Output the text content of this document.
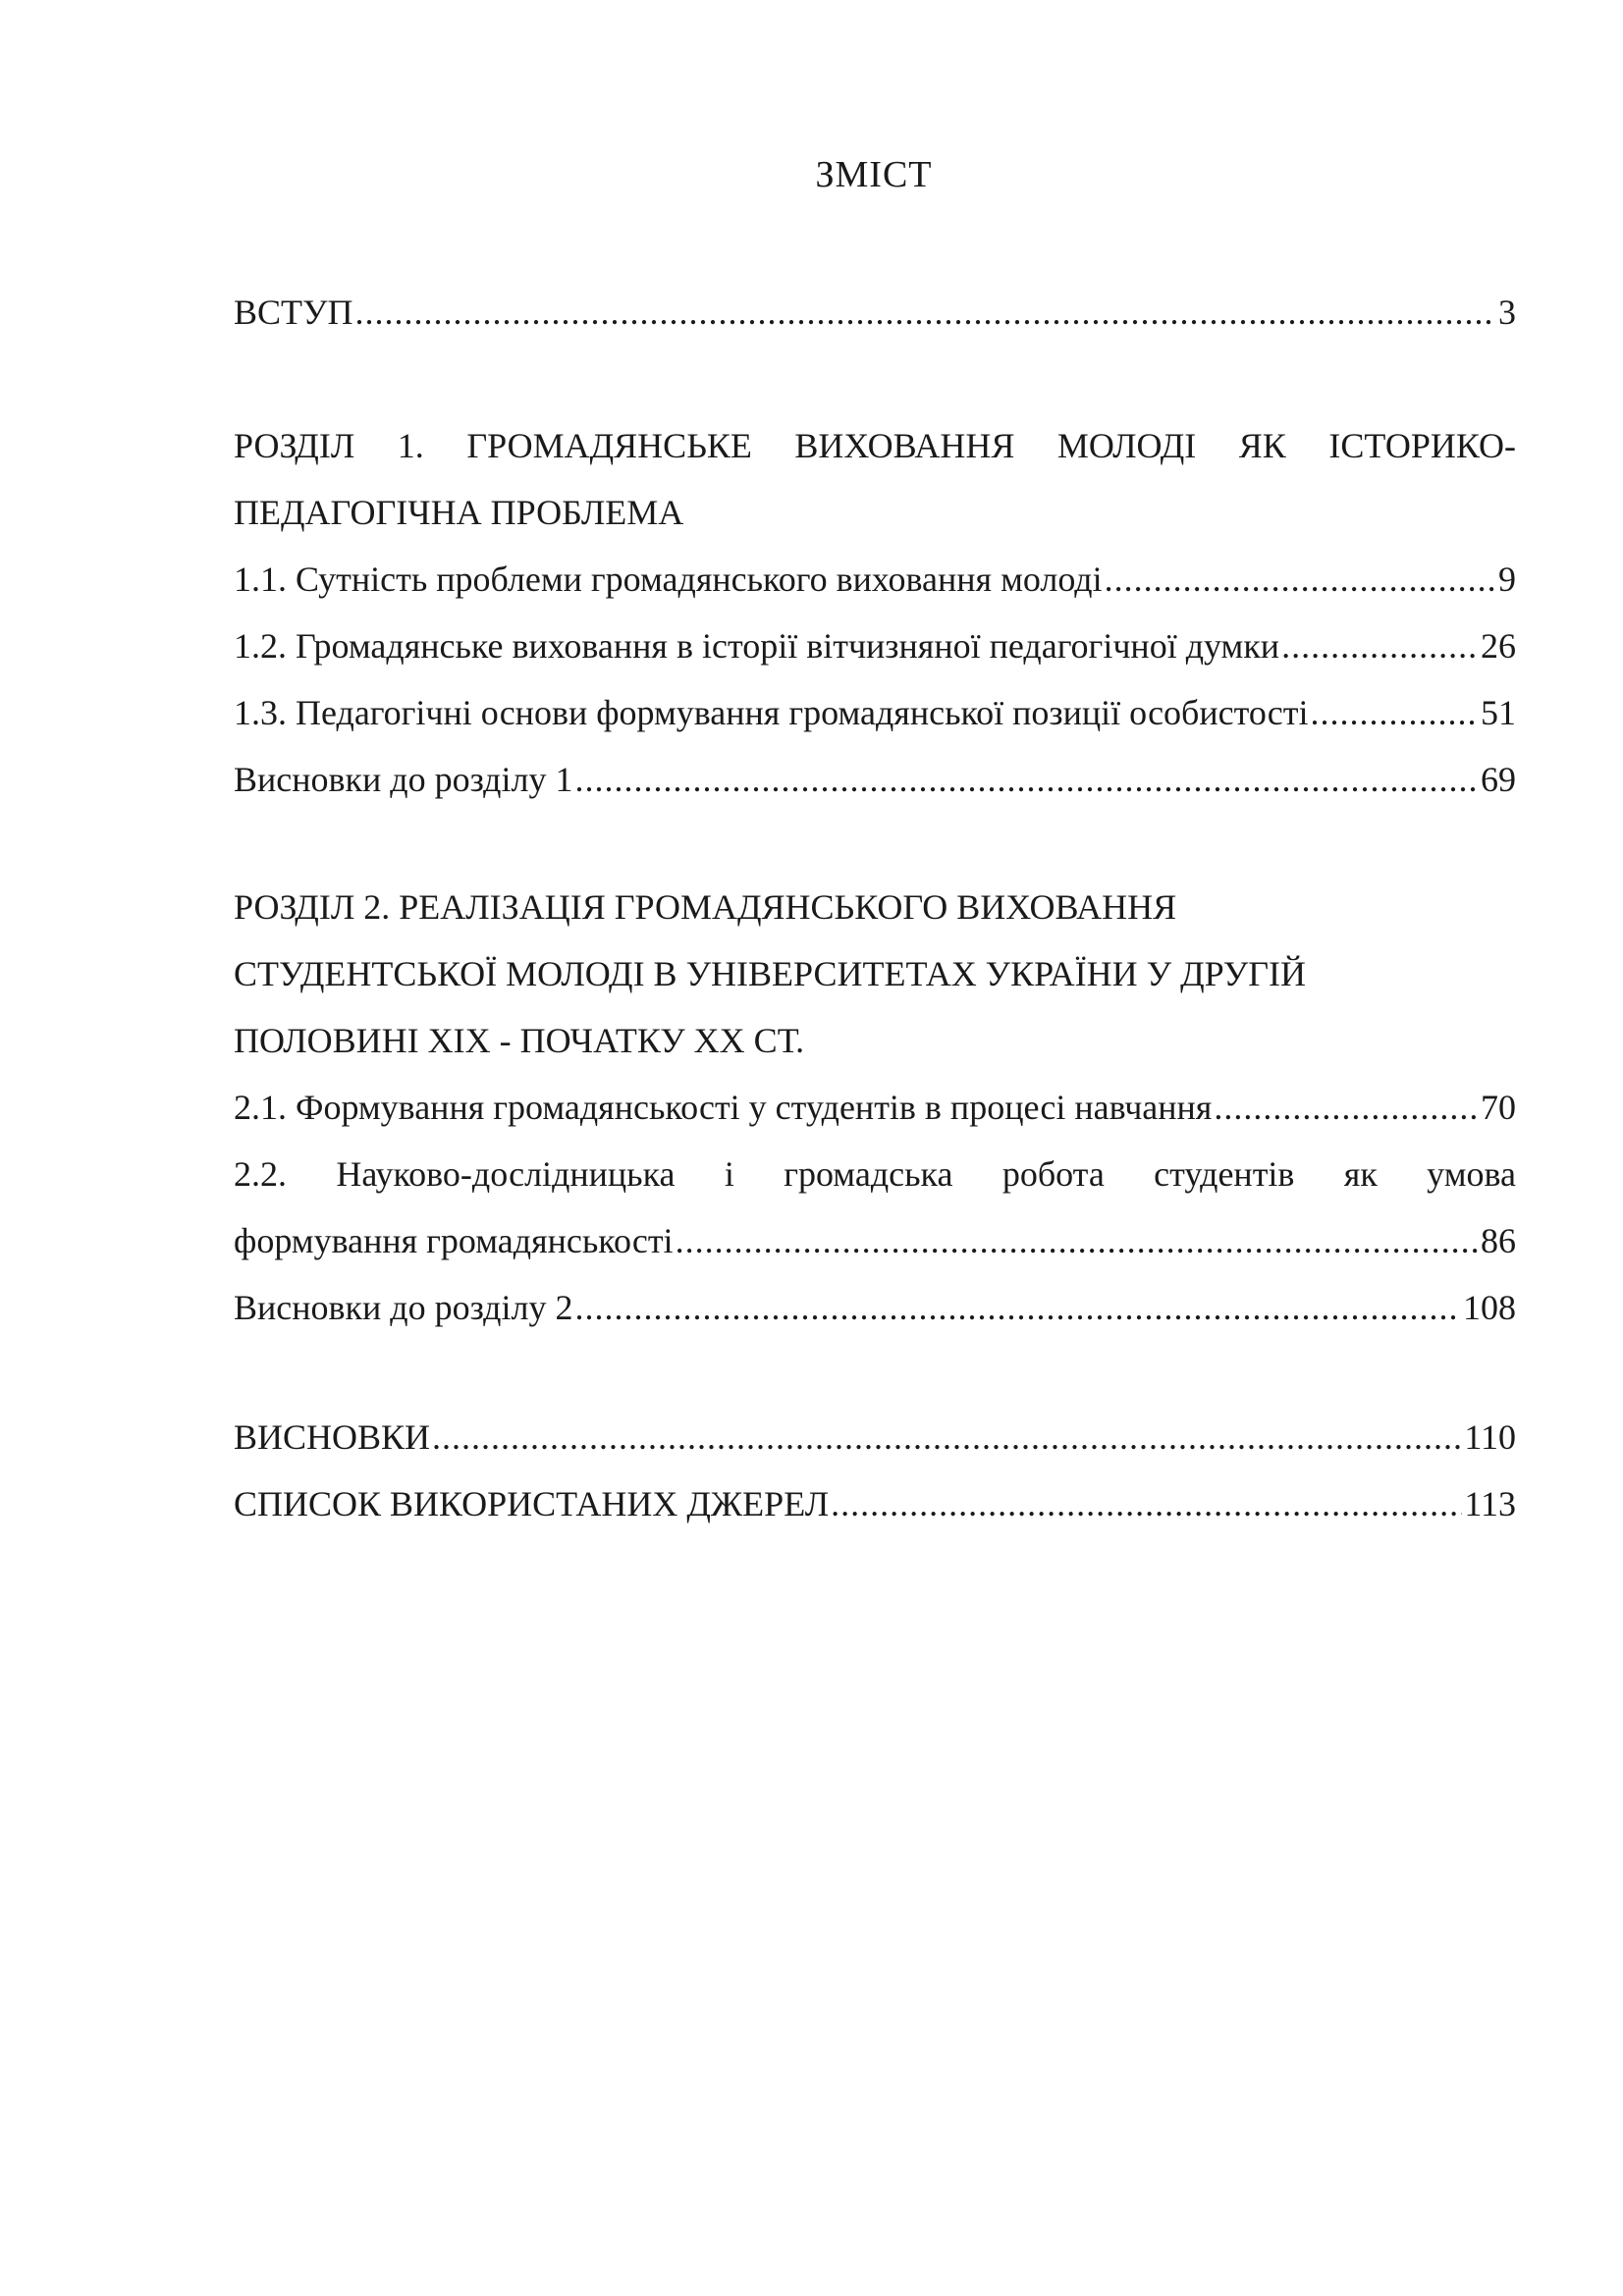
ЗМІСТ
ВСТУП .....	3
РОЗДІЛ 1. ГРОМАДЯНСЬКЕ ВИХОВАННЯ МОЛОДІ ЯК ІСТОРИКО-
ПЕДАГОГІЧНА ПРОБЛЕМА
1.1. Сутність проблеми громадянського виховання молоді .....	9
1.2. Громадянське виховання в історії вітчизняної педагогічної думки .....	26
1.3. Педагогічні основи формування громадянської позиції особистості .....	51
Висновки до розділу 1 .....	69
РОЗДІЛ 2. РЕАЛІЗАЦІЯ ГРОМАДЯНСЬКОГО ВИХОВАННЯ
СТУДЕНТСЬКОЇ МОЛОДІ В УНІВЕРСИТЕТАХ УКРАЇНИ У ДРУГІЙ
ПОЛОВИНІ XIX - ПОЧАТКУ XX СТ.
2.1. Формування громадянськості у студентів в процесі навчання .....	70
2.2. Науково-дослідницька і громадська робота студентів як умова
формування громадянськості .....	86
Висновки до розділу 2 .....	108
ВИСНОВКИ .....	110
СПИСОК ВИКОРИСТАНИХ ДЖЕРЕЛ .....	113
